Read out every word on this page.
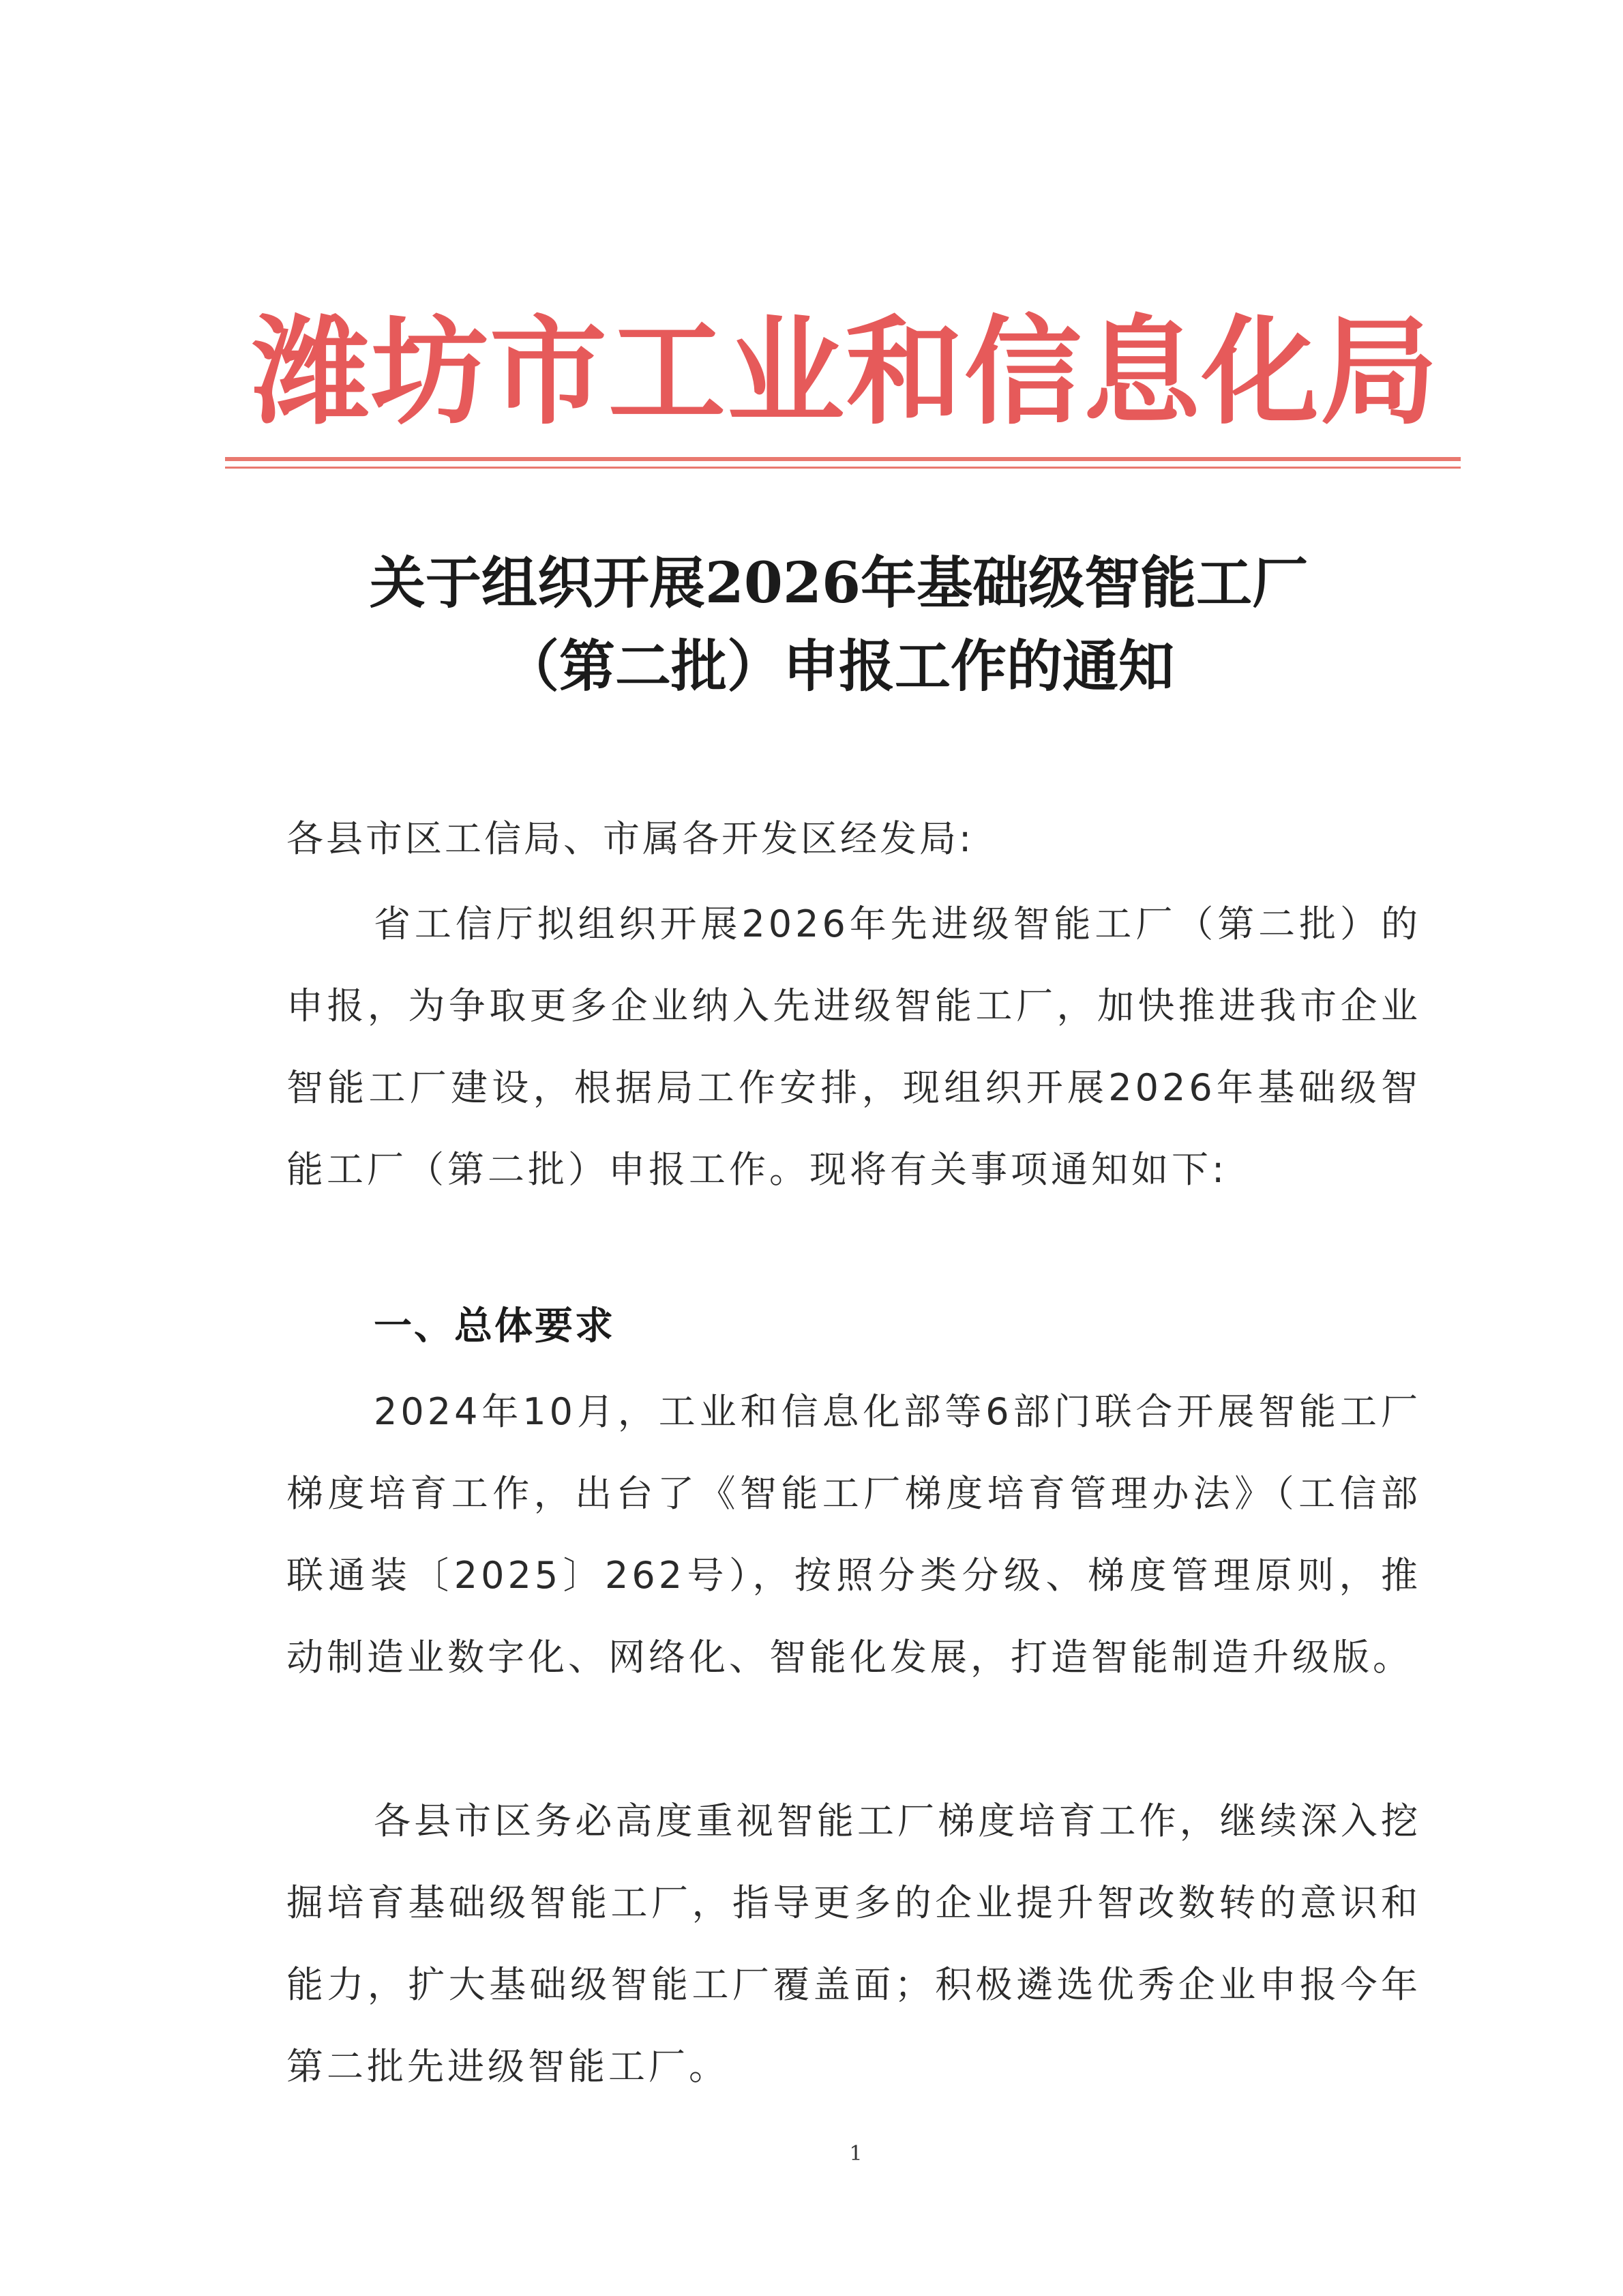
潍坊市工业和信息化局
关于组织开展2026年基础级智能工厂
（第二批）申报工作的通知
各县市区工信局、市属各开发区经发局:

省工信厅拟组织开展2026年先进级智能工厂（第二批）的申报，为争取更多企业纳入先进级智能工厂，加快推进我市企业智能工厂建设，根据局工作安排，现组织开展2026年基础级智能工厂（第二批）申报工作。现将有关事项通知如下:

一、总体要求

2024年10月，工业和信息化部等6部门联合开展智能工厂梯度培育工作，出台了《智能工厂梯度培育管理办法》（工信部联通装〔2025〕262号），按照分类分级、梯度管理原则，推动制造业数字化、网络化、智能化发展，打造智能制造升级版。

各县市区务必高度重视智能工厂梯度培育工作，继续深入挖掘培育基础级智能工厂，指导更多的企业提升智改数转的意识和能力，扩大基础级智能工厂覆盖面；积极遴选优秀企业申报今年第二批先进级智能工厂。

1
